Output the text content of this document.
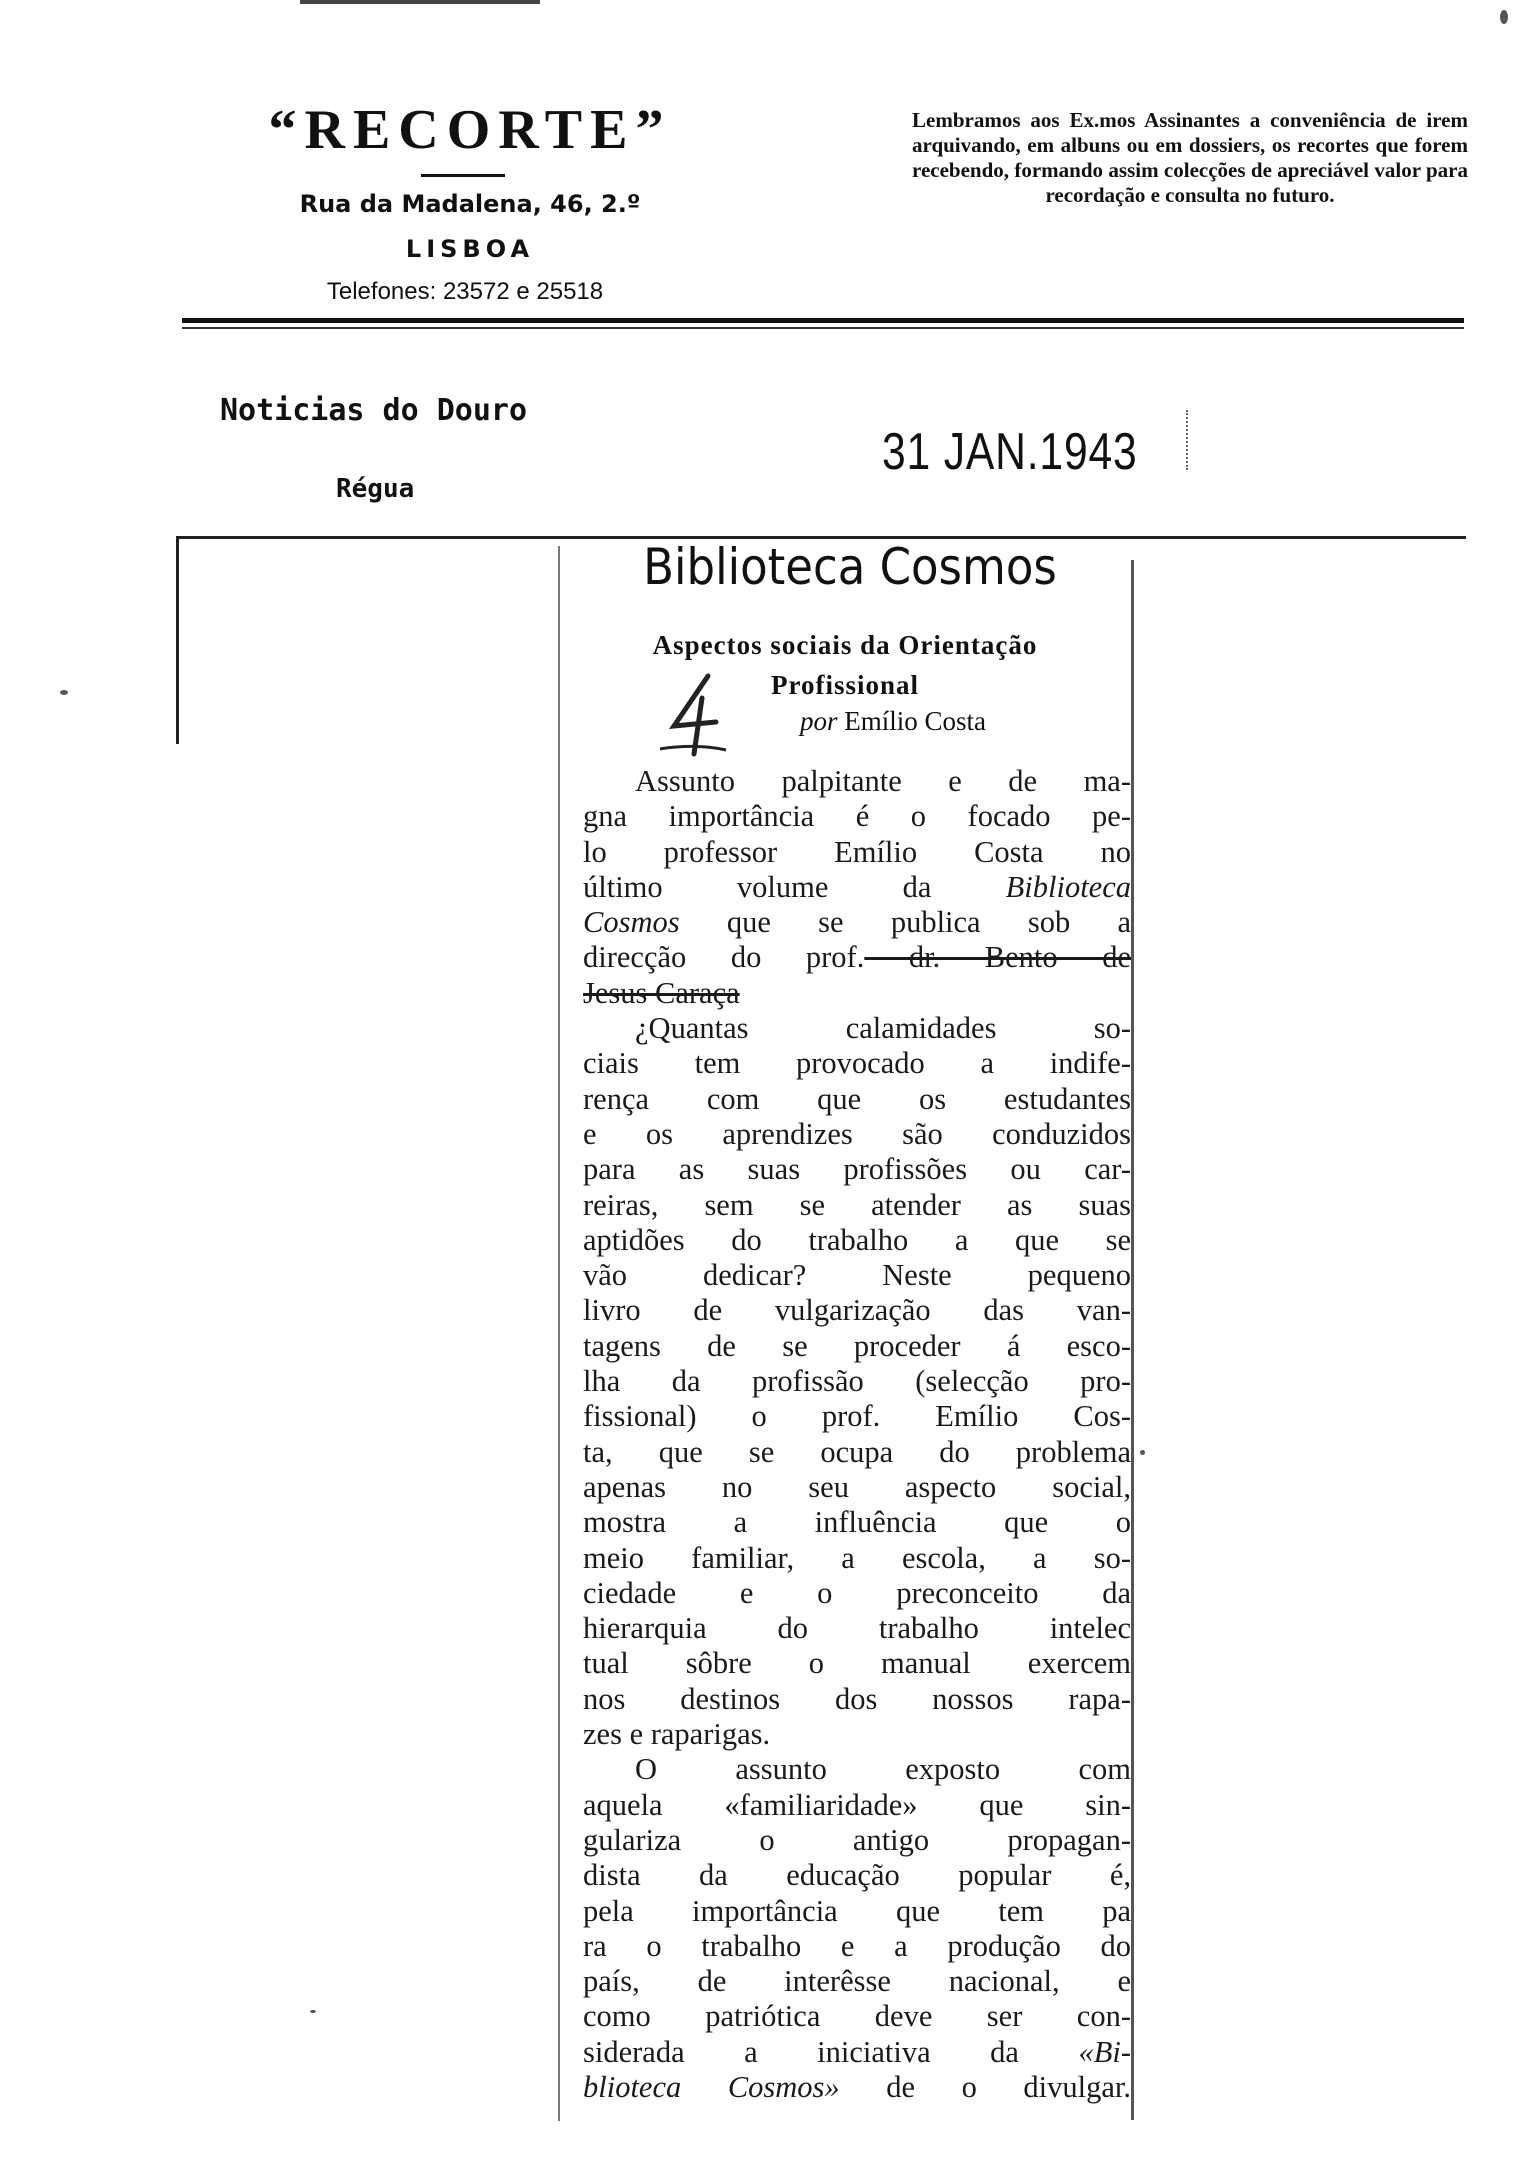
“RECORTE”
Rua da Madalena, 46, 2.º
LISBOA
Telefones: 23572 e 25518
Lembramos aos Ex.mos Assinantes a conveniência de irem arquivando, em albuns ou em dossiers, os recortes que forem recebendo, formando assim colecções de apreciável valor para recordação e consulta no futuro.
Noticias do Douro
Régua
31 JAN.1943
Biblioteca Cosmos
Aspectos sociais da Orientação
Profissional
por Emílio Costa
4
Assunto palpitante e de ma-
gna importância é o focado pe-
lo professor Emílio Costa no
último volume da Biblioteca
Cosmos que se publica sob a
direcção do prof. dr. Bento de
Jesus Caraça
¿Quantas calamidades so-
ciais tem provocado a indife-
rença com que os estudantes
e os aprendizes são conduzidos
para as suas profissões ou car-
reiras, sem se atender as suas
aptidões do trabalho a que se
vão dedicar? Neste pequeno
livro de vulgarização das van-
tagens de se proceder á esco-
lha da profissão (selecção pro-
fissional) o prof. Emílio Cos-
ta, que se ocupa do problema
apenas no seu aspecto social,
mostra a influência que o
meio familiar, a escola, a so-
ciedade e o preconceito da
hierarquia do trabalho intelec
tual sôbre o manual exercem
nos destinos dos nossos rapa-
zes e raparigas.
O assunto exposto com
aquela «familiaridade» que sin-
gulariza o antigo propagan-
dista da educação popular é,
pela importância que tem pa
ra o trabalho e a produção do
país, de interêsse nacional, e
como patriótica deve ser con-
siderada a iniciativa da «Bi-
blioteca Cosmos» de o divulgar.
